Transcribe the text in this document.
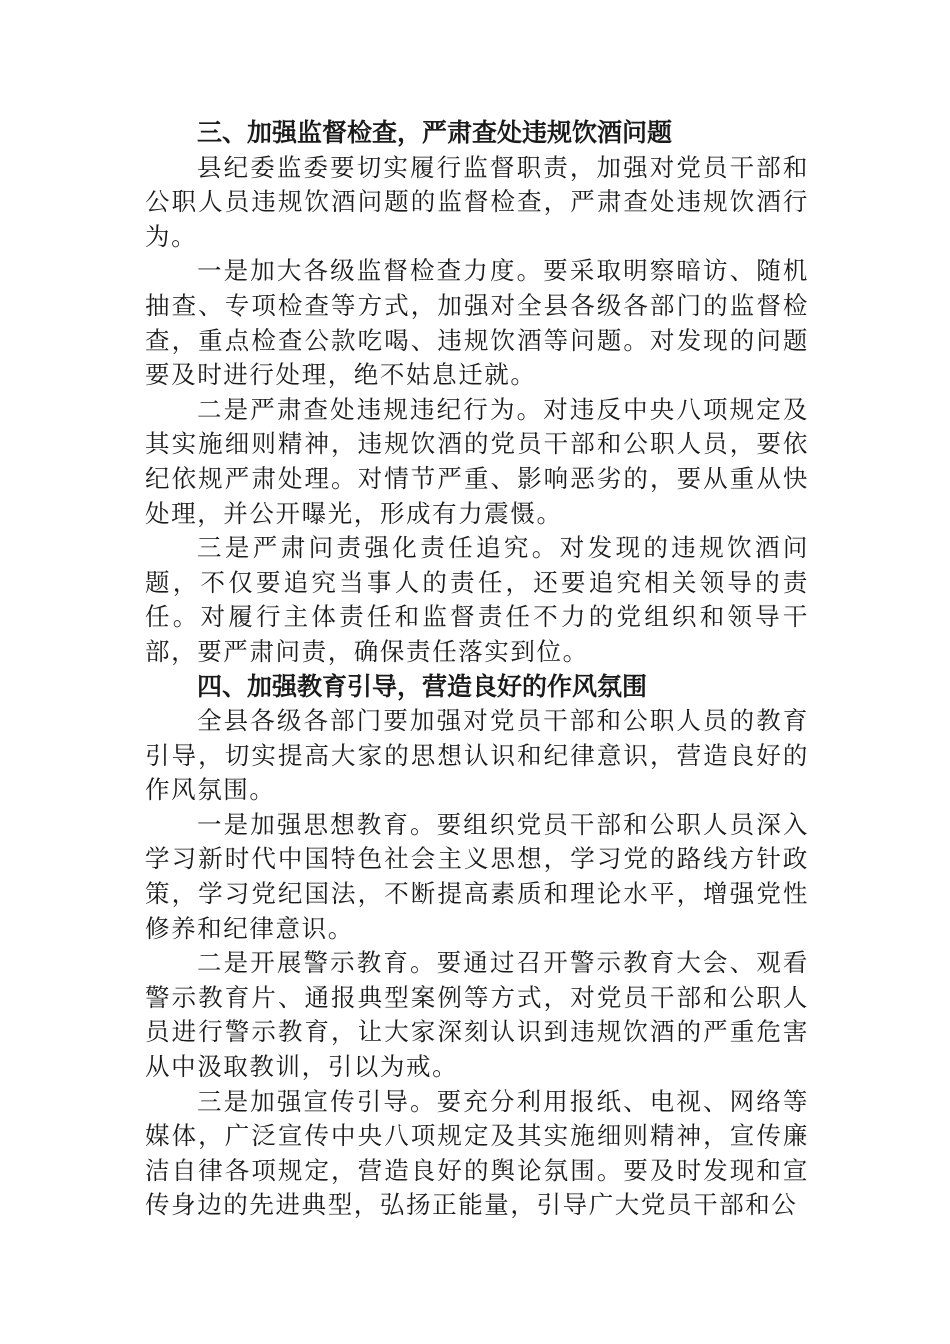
三、加强监督检查，严肃查处违规饮酒问题

县纪委监委要切实履行监督职责，加强对党员干部和公职人员违规饮酒问题的监督检查，严肃查处违规饮酒行为。

一是加大各级监督检查力度。要采取明察暗访、随机抽查、专项检查等方式，加强对全县各级各部门的监督检查，重点检查公款吃喝、违规饮酒等问题。对发现的问题要及时进行处理，绝不姑息迁就。

二是严肃查处违规违纪行为。对违反中央八项规定及其实施细则精神，违规饮酒的党员干部和公职人员，要依纪依规严肃处理。对情节严重、影响恶劣的，要从重从快处理，并公开曝光，形成有力震慑。

三是严肃问责强化责任追究。对发现的违规饮酒问题，不仅要追究当事人的责任，还要追究相关领导的责任。对履行主体责任和监督责任不力的党组织和领导干部，要严肃问责，确保责任落实到位。

四、加强教育引导，营造良好的作风氛围

全县各级各部门要加强对党员干部和公职人员的教育引导，切实提高大家的思想认识和纪律意识，营造良好的作风氛围。

一是加强思想教育。要组织党员干部和公职人员深入学习新时代中国特色社会主义思想，学习党的路线方针政策，学习党纪国法，不断提高素质和理论水平，增强党性修养和纪律意识。

二是开展警示教育。要通过召开警示教育大会、观看警示教育片、通报典型案例等方式，对党员干部和公职人员进行警示教育，让大家深刻认识到违规饮酒的严重危害从中汲取教训，引以为戒。

三是加强宣传引导。要充分利用报纸、电视、网络等媒体，广泛宣传中央八项规定及其实施细则精神，宣传廉洁自律各项规定，营造良好的舆论氛围。要及时发现和宣传身边的先进典型，弘扬正能量，引导广大党员干部和公
